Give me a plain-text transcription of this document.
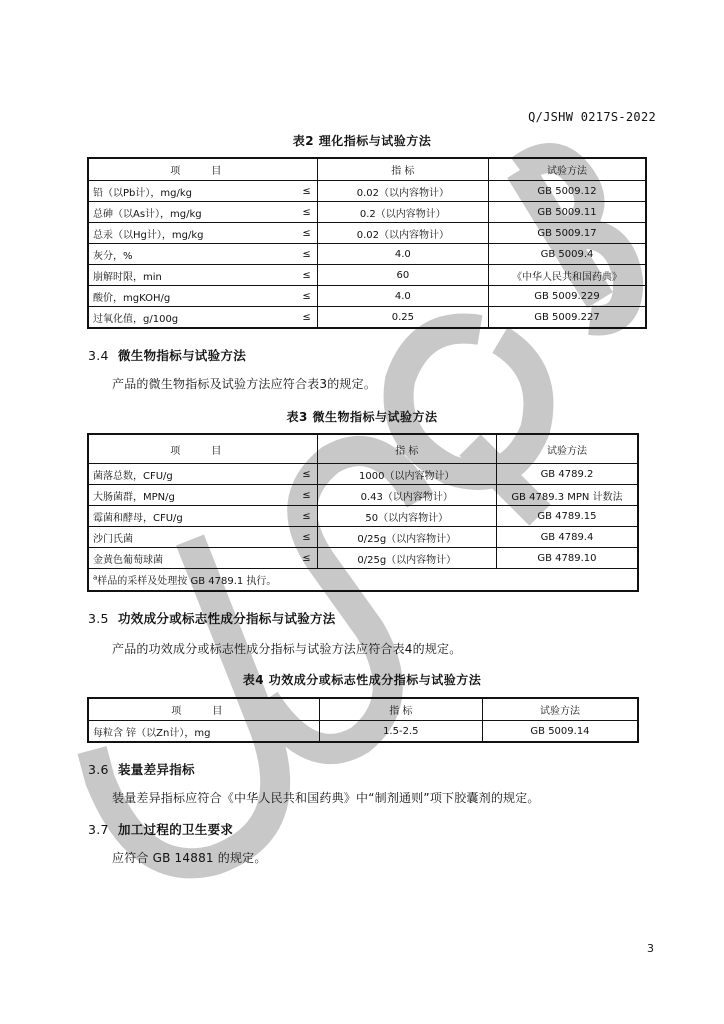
Q/JSHW 0217S-2022
表2 理化指标与试验方法
项 目		指 标	试验方法
铅（以Pb计），mg/kg	≤	0.02（以内容物计）	GB 5009.12
总砷（以As计），mg/kg	≤	0.2（以内容物计）	GB 5009.11
总汞（以Hg计），mg/kg	≤	0.02（以内容物计）	GB 5009.17
灰分，%	≤	4.0	GB 5009.4
崩解时限，min	≤	60	《中华人民共和国药典》
酸价，mgKOH/g	≤	4.0	GB 5009.229
过氧化值，g/100g	≤	0.25	GB 5009.227
3.4 微生物指标与试验方法
产品的微生物指标及试验方法应符合表3的规定。
表3 微生物指标与试验方法
项 目		指 标	试验方法
菌落总数，CFU/g	≤	1000（以内容物计）	GB 4789.2
大肠菌群，MPN/g	≤	0.43（以内容物计）	GB 4789.3 MPN 计数法
霉菌和酵母，CFU/g	≤	50（以内容物计）	GB 4789.15
沙门氏菌	≤	0/25g（以内容物计）	GB 4789.4
金黄色葡萄球菌	≤	0/25g（以内容物计）	GB 4789.10
$^a$样品的采样及处理按 GB 4789.1 执行。			
3.5 功效成分或标志性成分指标与试验方法
产品的功效成分或标志性成分指标与试验方法应符合表4的规定。
表4 功效成分或标志性成分指标与试验方法
项 目	指 标	试验方法
每粒含 锌（以Zn计），mg	1.5-2.5	GB 5009.14
3.6 装量差异指标
装量差异指标应符合《中华人民共和国药典》中“制剂通则”项下胶囊剂的规定。
3.7 加工过程的卫生要求
应符合 GB 14881 的规定。
3
